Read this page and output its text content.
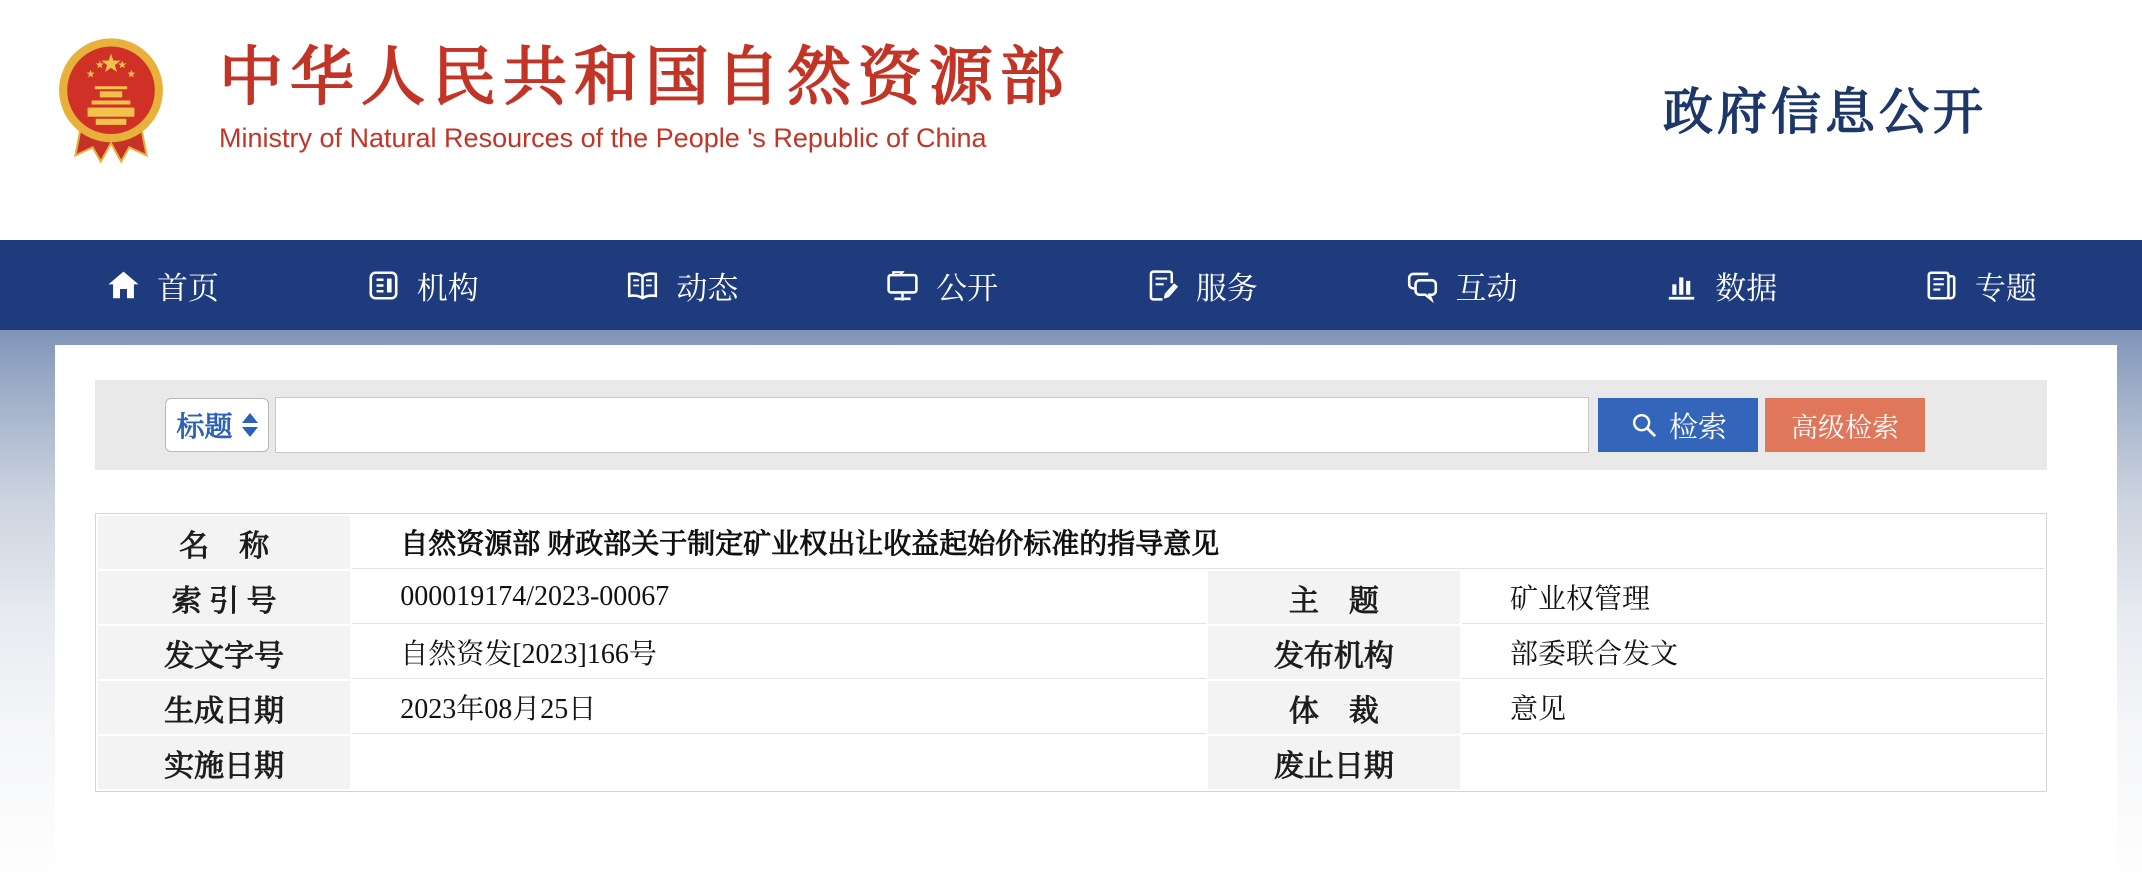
中华人民共和国自然资源部
Ministry of Natural Resources of the People 's Republic of China	政府信息公开
首页	机构	动态	公开	服务	互动	数据	专题
标题	检索	高级检索
名　称	自然资源部 财政部关于制定矿业权出让收益起始价标准的指导意见		
索 引 号	000019174/2023-00067	主　题	矿业权管理
发文字号	自然资发[2023]166号	发布机构	部委联合发文
生成日期	2023年08月25日	体　裁	意见
实施日期		废止日期	
